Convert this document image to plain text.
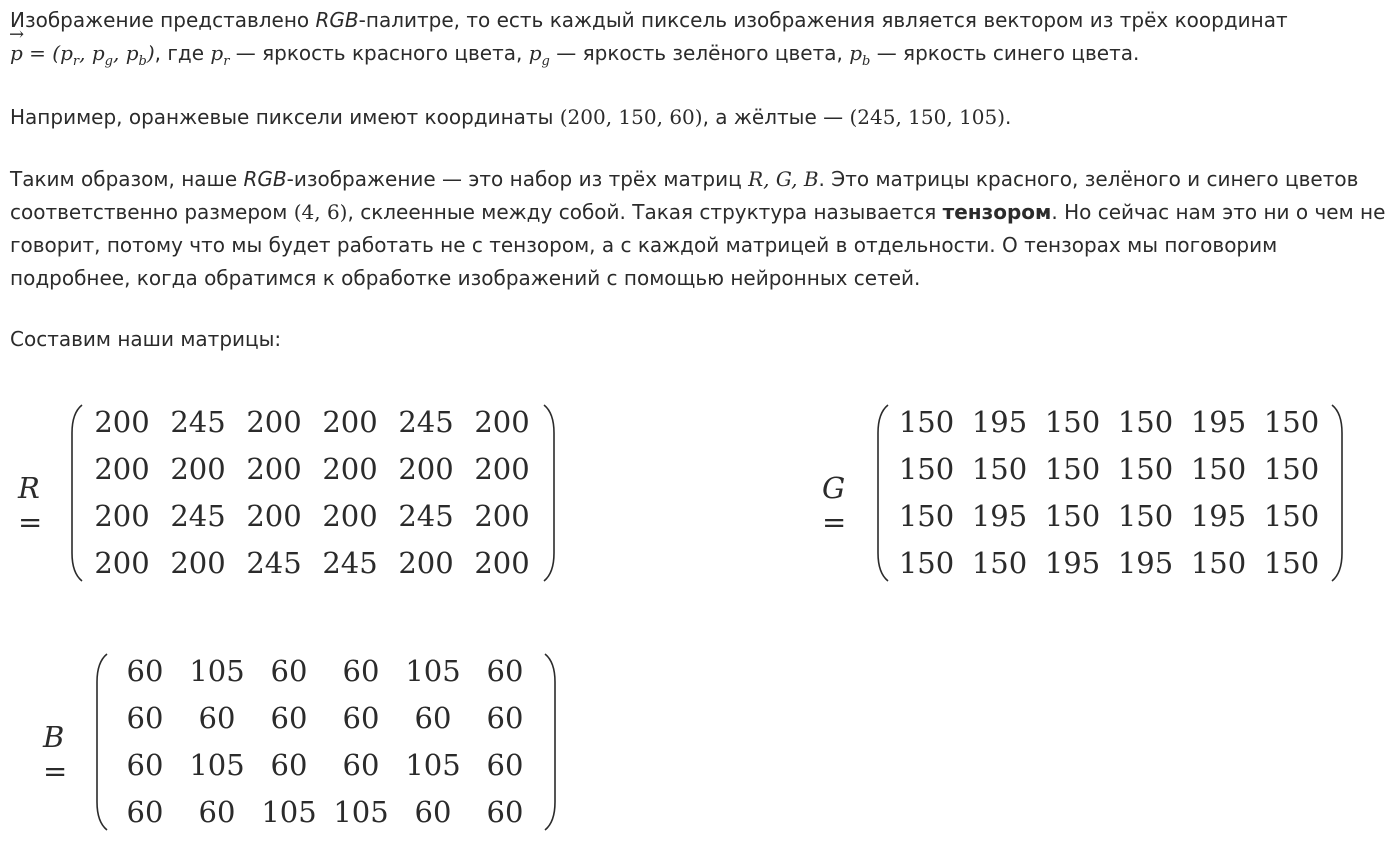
Изображение представлено RGB-палитре, то есть каждый пиксель изображения является вектором из трёх координат
→ $p = (p_r$, $p_g$, $p_b$), где $p_r$ — яркость красного цвета, $p_g$ — яркость зелёного цвета, $p_b$ — яркость синего цвета.

Например, оранжевые пиксели имеют координаты (200, 150, 60), а жёлтые — (245, 150, 105).

Таким образом, наше RGB-изображение — это набор из трёх матриц R, G, B. Это матрицы красного, зелёного и синего цветов соответственно размером (4, 6), склеенные между собой. Такая структура называется тензором. Но сейчас нам это ни о чем не говорит, потому что мы будет работать не с тензором, а с каждой матрицей в отдельности. О тензорах мы поговорим подробнее, когда обратимся к обработке изображений с помощью нейронных сетей.

Составим наши матрицы:

R =
200 245 200 200 245 200
200 200 200 200 200 200
200 245 200 200 245 200
200 200 245 245 200 200
G =
150 195 150 150 195 150
150 150 150 150 150 150
150 195 150 150 195 150
150 150 195 195 150 150
B =
60 105 60	60 105 60
60	60	60	60	60	60
60 105 60	60 105 60
60	60 105 105 60	60
